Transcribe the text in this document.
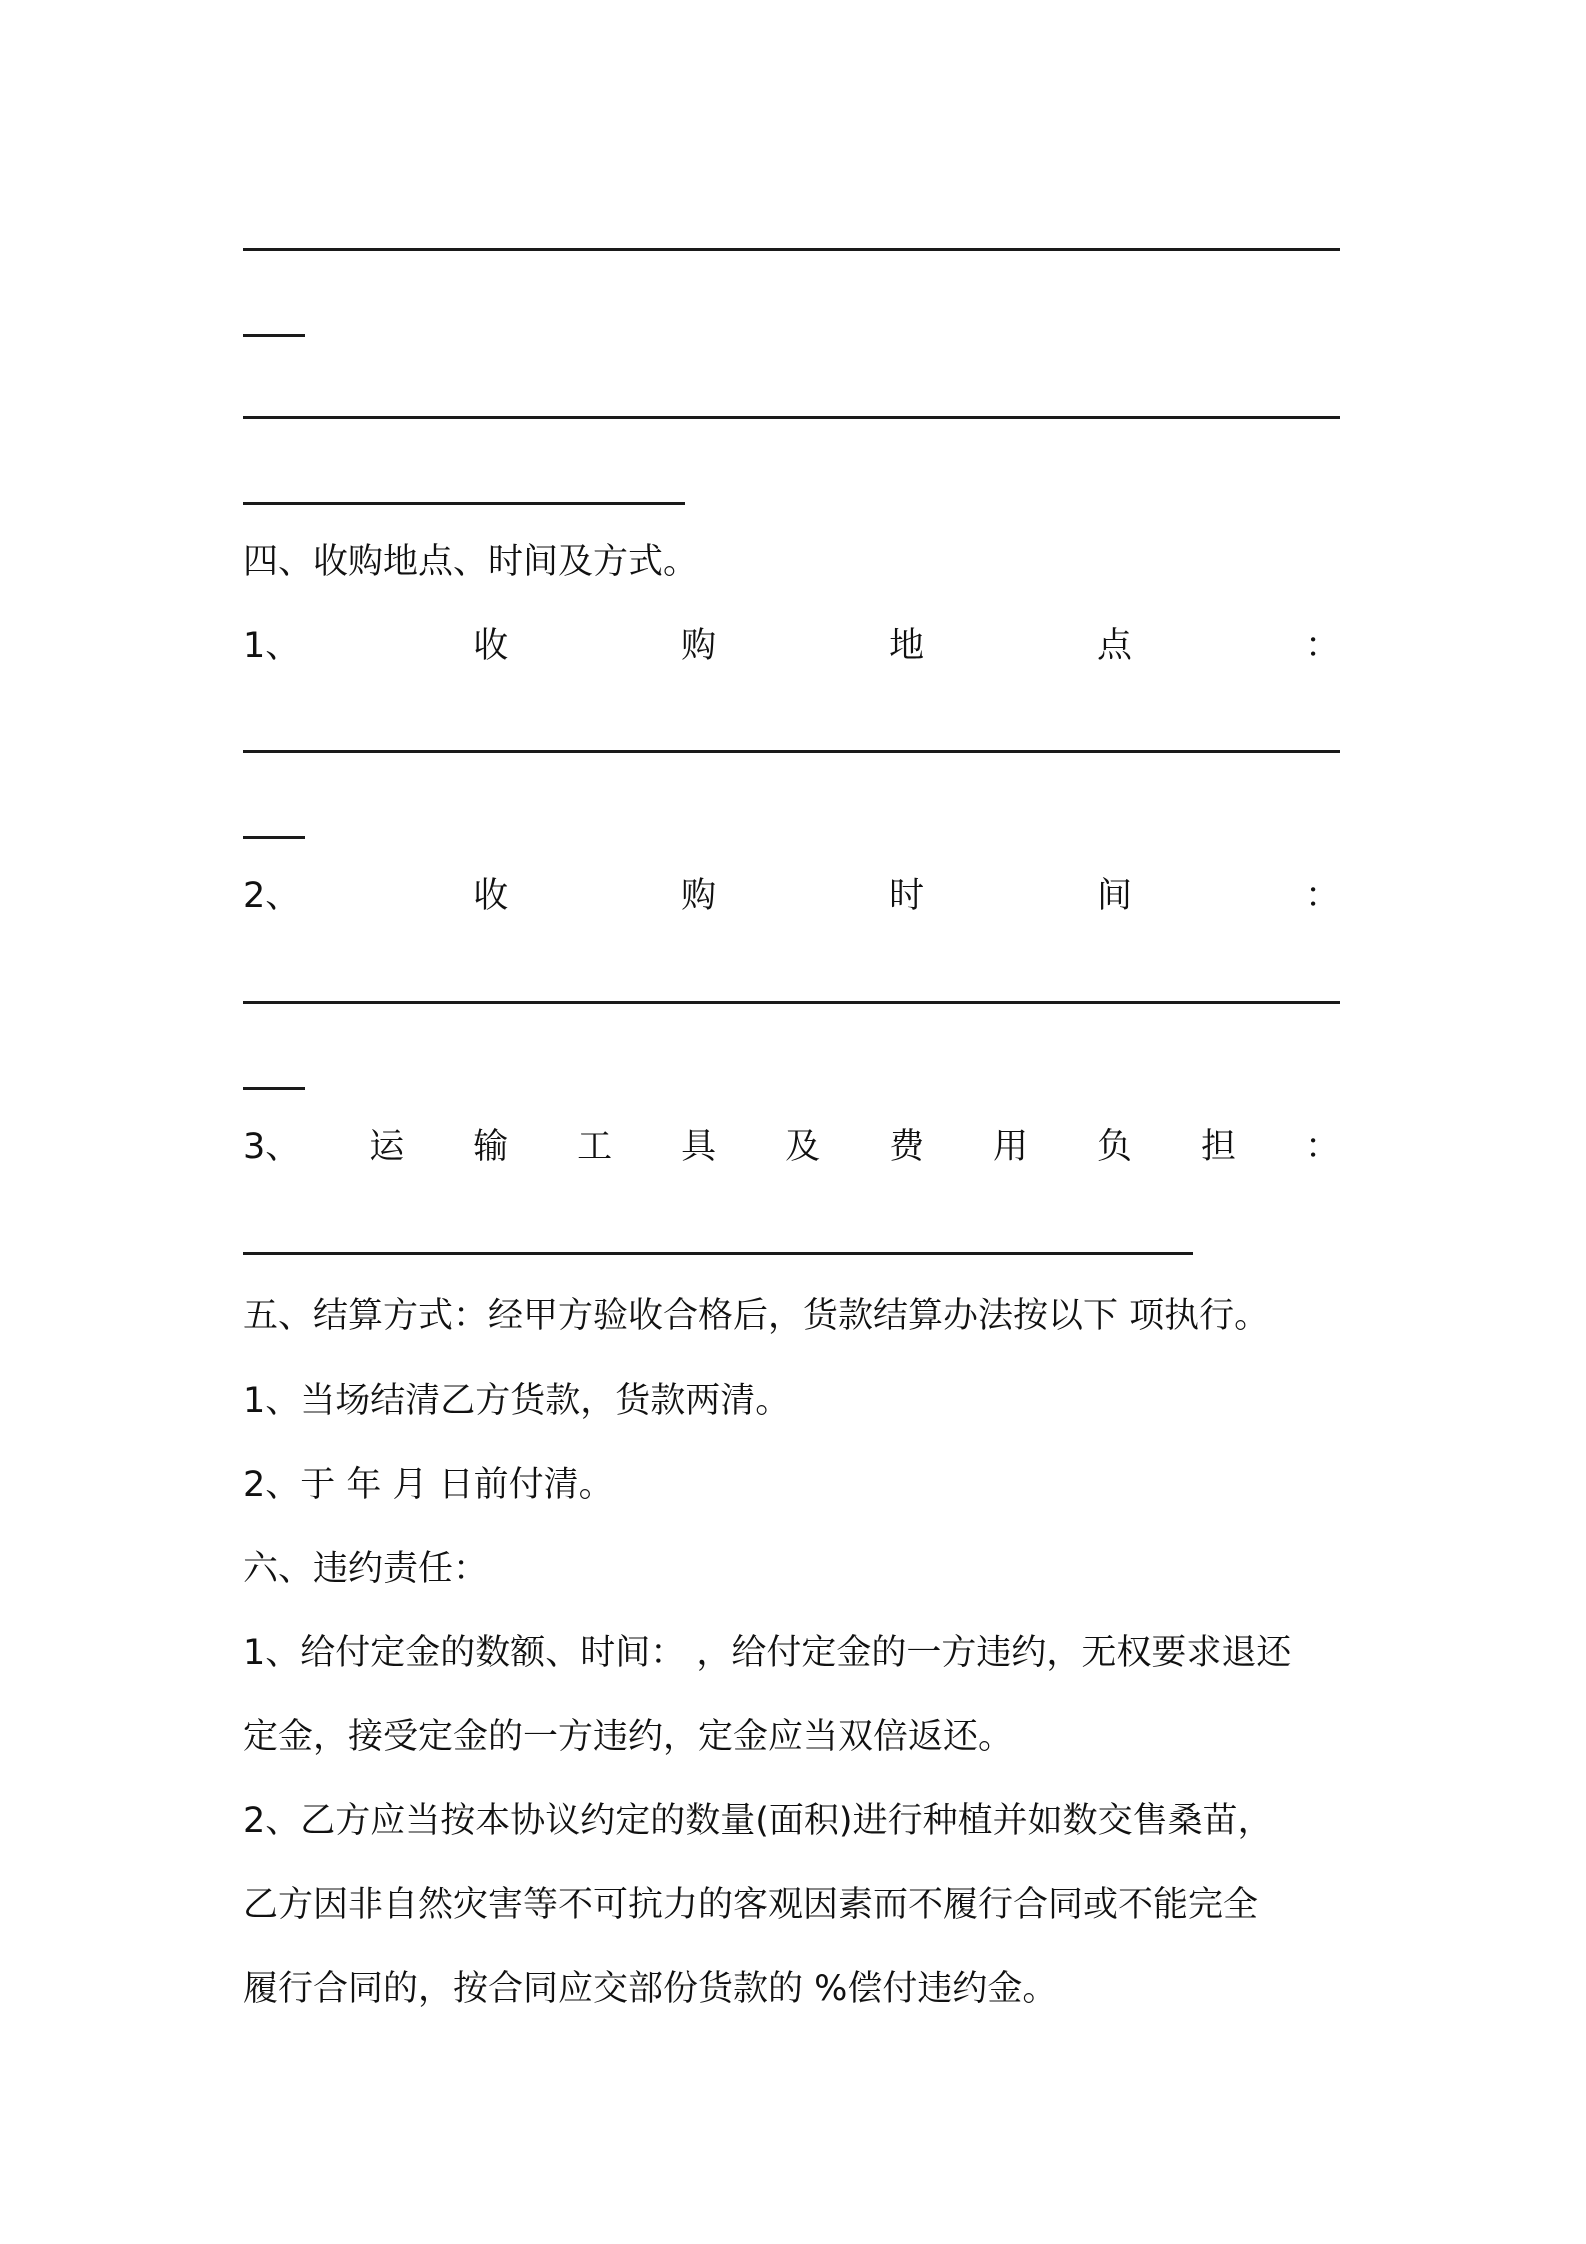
四、收购地点、时间及方式。
1、	收	购	地	点	：
2、	收	购	时	间	：
3、 运 输 工 具 及 费 用 负 担 ：
五、结算方式：经甲方验收合格后，货款结算办法按以下 项执行。
1、当场结清乙方货款，货款两清。
2、于 年 月 日前付清。
六、违约责任：
1、给付定金的数额、时间： ，给付定金的一方违约，无权要求退还
定金，接受定金的一方违约，定金应当双倍返还。
2、乙方应当按本协议约定的数量(面积)进行种植并如数交售桑苗，
乙方因非自然灾害等不可抗力的客观因素而不履行合同或不能完全
履行合同的，按合同应交部份货款的 %偿付违约金。
